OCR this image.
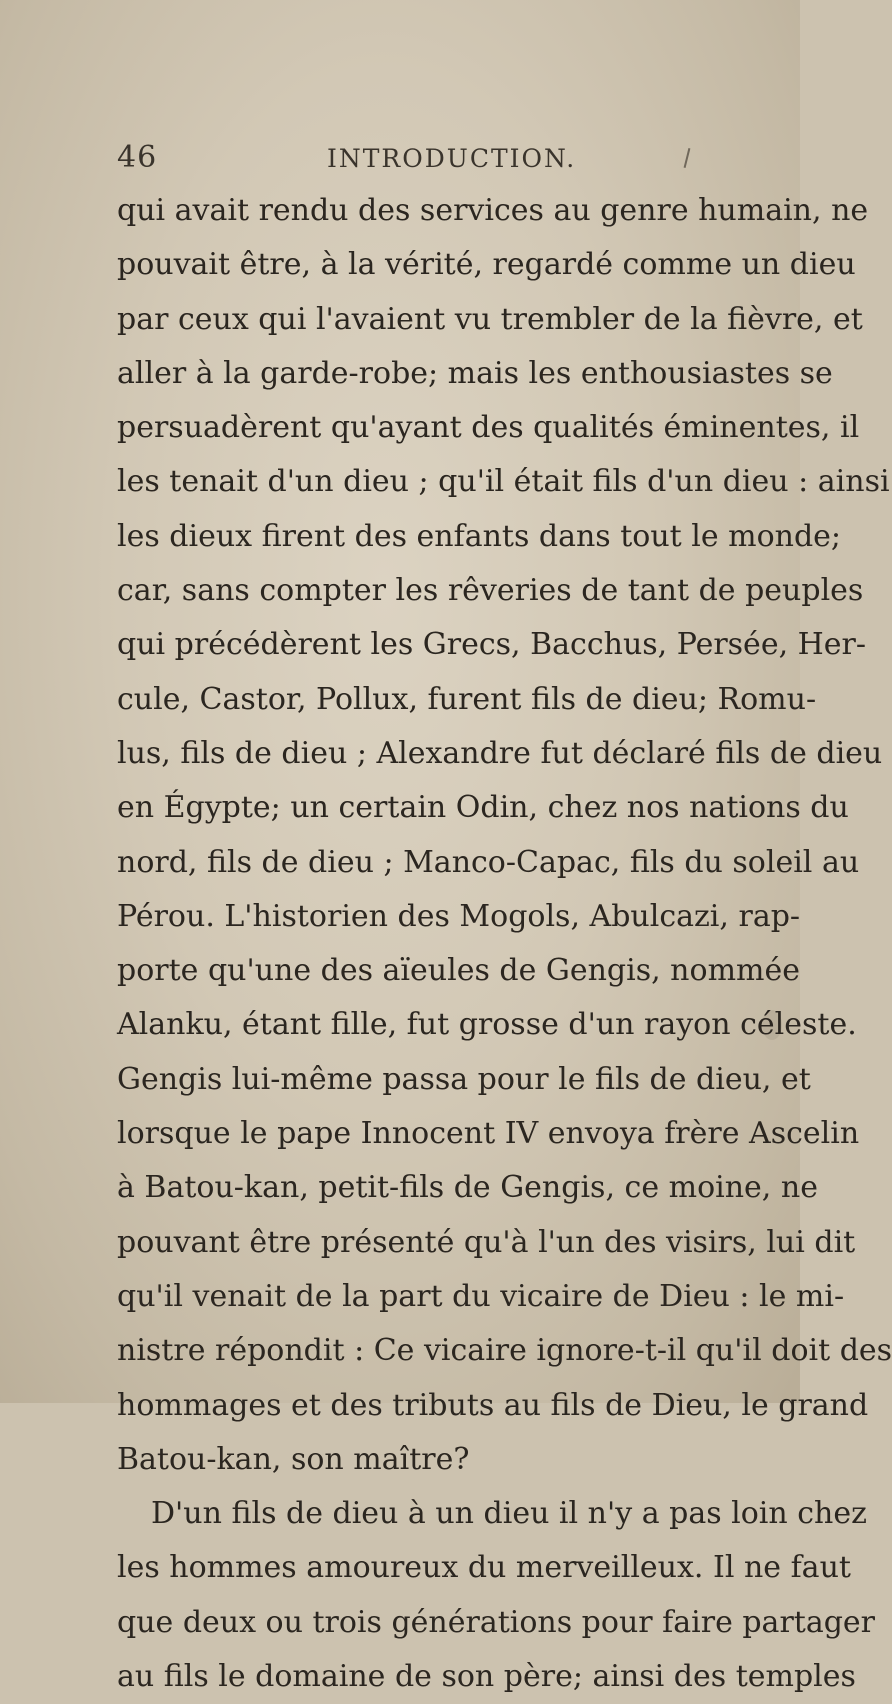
46	INTRODUCTION.
qui avait rendu des services au genre humain, ne
pouvait être, à la vérité, regardé comme un dieu
par ceux qui l'avaient vu trembler de la fièvre, et
aller à la garde-robe; mais les enthousiastes se
persuadèrent qu'ayant des qualités éminentes, il
les tenait d'un dieu ; qu'il était fils d'un dieu : ainsi
les dieux firent des enfants dans tout le monde;
car, sans compter les rêveries de tant de peuples
qui précédèrent les Grecs, Bacchus, Persée, Her-
cule, Castor, Pollux, furent fils de dieu; Romu-
lus, fils de dieu ; Alexandre fut déclaré fils de dieu
en Égypte; un certain Odin, chez nos nations du
nord, fils de dieu ; Manco-Capac, fils du soleil au
Pérou. L'historien des Mogols, Abulcazi, rap-
porte qu'une des aïeules de Gengis, nommée
Alanku, étant fille, fut grosse d'un rayon céleste.
Gengis lui-même passa pour le fils de dieu, et
lorsque le pape Innocent IV envoya frère Ascelin
à Batou-kan, petit-fils de Gengis, ce moine, ne
pouvant être présenté qu'à l'un des visirs, lui dit
qu'il venait de la part du vicaire de Dieu : le mi-
nistre répondit : Ce vicaire ignore-t-il qu'il doit des
hommages et des tributs au fils de Dieu, le grand
Batou-kan, son maître?
D'un fils de dieu à un dieu il n'y a pas loin chez
les hommes amoureux du merveilleux. Il ne faut
que deux ou trois générations pour faire partager
au fils le domaine de son père; ainsi des temples
